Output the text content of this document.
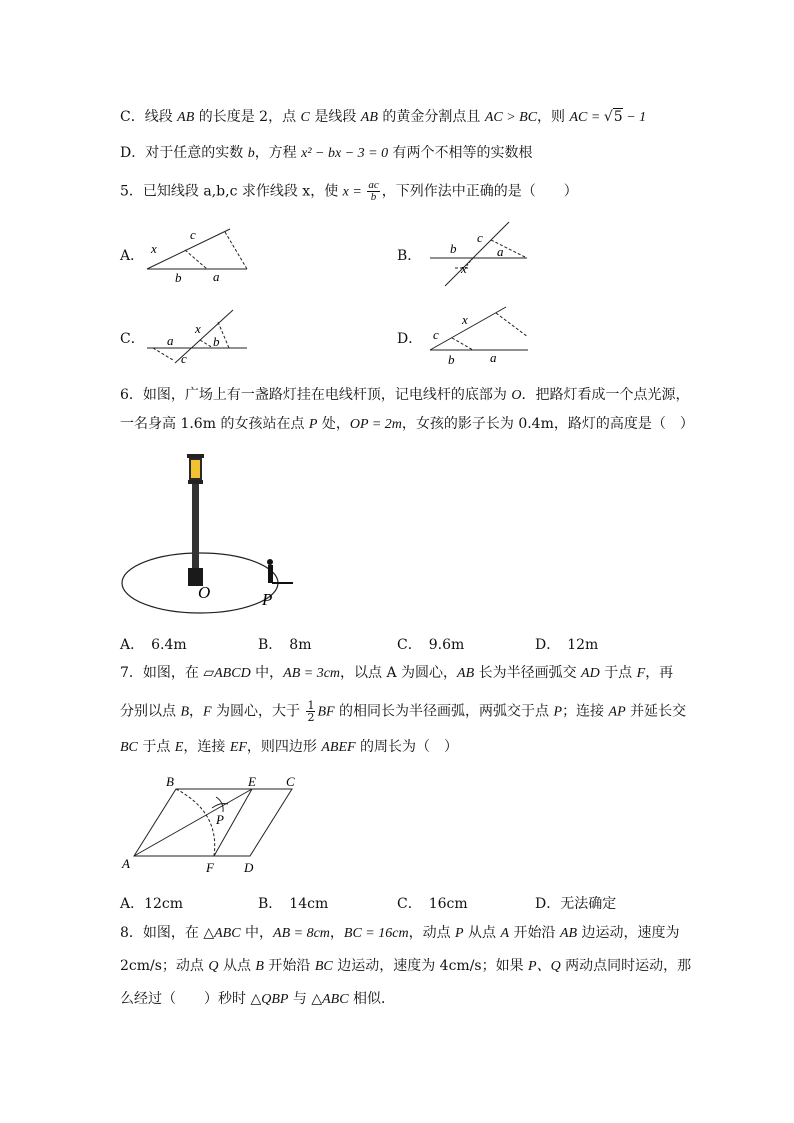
C．线段 AB 的长度是 2，点 C 是线段 AB 的黄金分割点且 AC > BC，则 AC = √5 − 1
D．对于任意的实数 b，方程 x² − bx − 3 = 0 有两个不相等的实数根
5．已知线段 a,b,c 求作线段 x，使 $x = \frac{ac}{b}$ ，下列作法中正确的是（　　）
A． x
c
b a
B． b
c
a
x
C． a
c
x
b	D． c
x
b	a
6．如图，广场上有一盏路灯挂在电线杆顶，记电线杆的底部为 O．把路灯看成一个点光源，
一名身高 1.6m 的女孩站在点 P 处，OP = 2m，女孩的影子长为 0.4m，路灯的高度是（　）
O	P
A．　6.4m	B．　8m	C．　9.6m	D．　12m
7．如图，在 ▱ABCD 中，AB = 3cm，以点 A 为圆心，AB 长为半径画弧交 AD 于点 F，再
分别以点 B，F 为圆心，大于 $\frac{1}{2}$ BF 的相同长为半径画弧，两弧交于点 P；连接 AP 并延长交
BC 于点 E，连接 EF，则四边形 ABEF 的周长为（　）
A
B	E C
P
F D
A．12cm	B．　14cm	C．　16cm	D．无法确定
8．如图，在 △ABC 中，AB = 8cm，BC = 16cm，动点 P 从点 A 开始沿 AB 边运动，速度为
2cm/s；动点 Q 从点 B 开始沿 BC 边运动，速度为 4cm/s；如果 P、Q 两动点同时运动，那
么经过（　　）秒时 △QBP 与 △ABC 相似．
